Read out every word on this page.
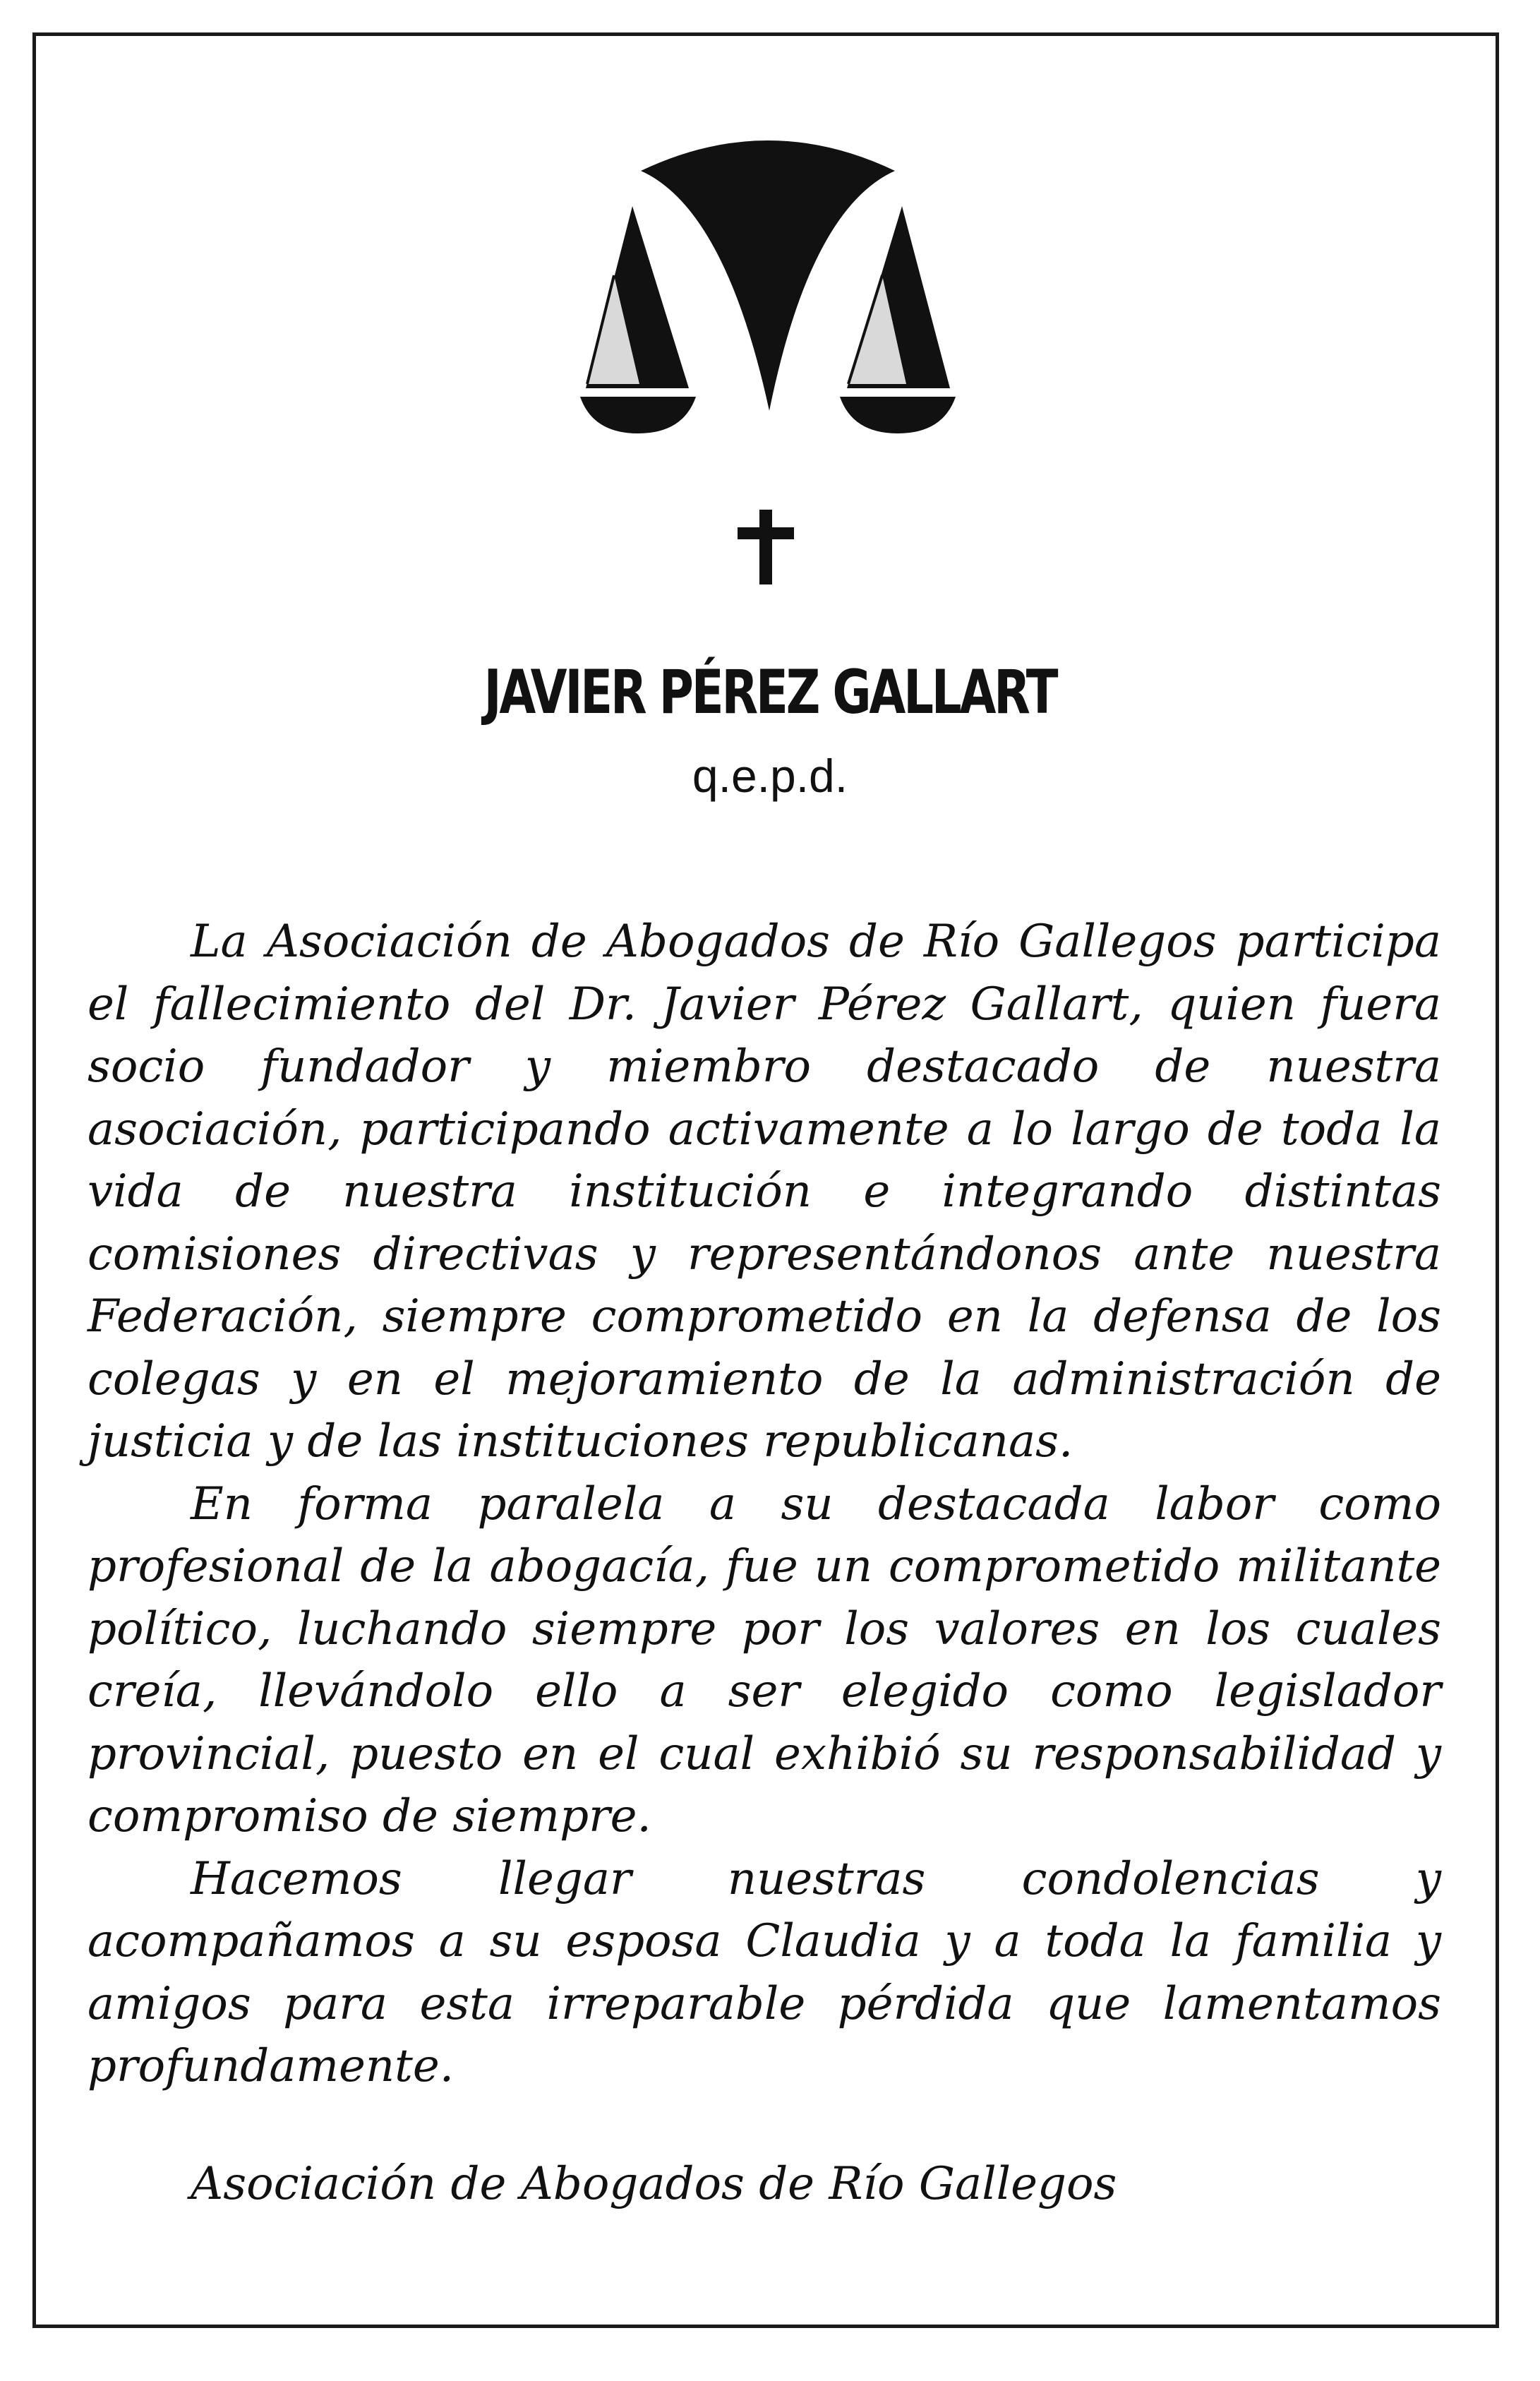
JAVIER PÉREZ GALLART
q.e.p.d.

La Asociación de Abogados de Río Gallegos participa el fallecimiento del Dr. Javier Pérez Gallart, quien fuera socio fundador y miembro destacado de nuestra asociación, participando activamente a lo largo de toda la vida de nuestra institución e integrando distintas comisiones directivas y representándonos ante nuestra Federación, siempre comprometido en la defensa de los colegas y en el mejoramiento de la administración de justicia y de las instituciones republicanas.

En forma paralela a su destacada labor como profesional de la abogacía, fue un comprometido militante político, luchando siempre por los valores en los cuales creía, llevándolo ello a ser elegido como legislador provincial, puesto en el cual exhibió su responsabilidad y compromiso de siempre.

Hacemos llegar nuestras condolencias y acompañamos a su esposa Claudia y a toda la familia y amigos para esta irreparable pérdida que lamentamos profundamente.

Asociación de Abogados de Río Gallegos
